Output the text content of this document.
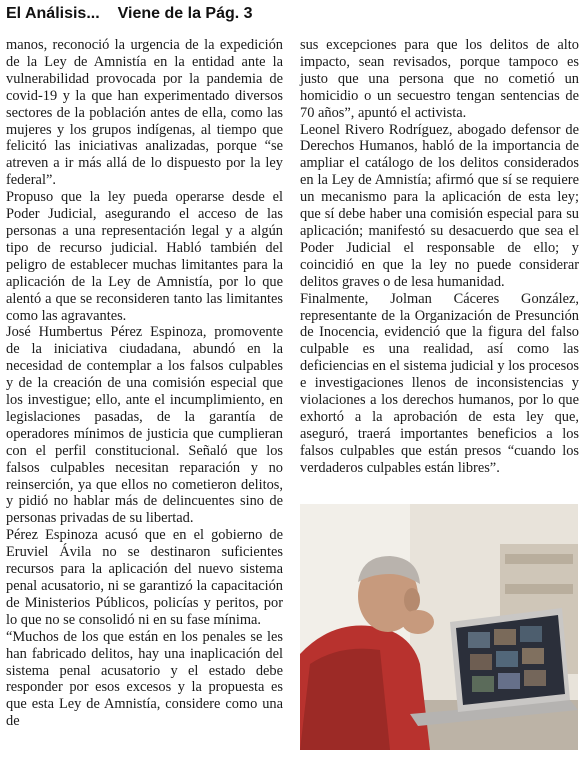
El Análisis... Viene de la Pág. 3

manos, reconoció la urgencia de la expedición de la Ley de Amnistía en la entidad ante la vulnerabilidad provocada por la pandemia de covid-19 y la que han experimentado diversos sectores de la población antes de ella, como las mujeres y los grupos indígenas, al tiempo que felicitó las iniciativas analizadas, porque “se atreven a ir más allá de lo dispuesto por la ley federal”.

Propuso que la ley pueda operarse desde el Poder Judicial, asegurando el acceso de las personas a una representación legal y a algún tipo de recurso judicial. Habló también del peligro de establecer muchas limitantes para la aplicación de la Ley de Amnistía, por lo que alentó a que se reconsideren tanto las limitantes como las agravantes.

José Humbertus Pérez Espinoza, promovente de la iniciativa ciudadana, abundó en la necesidad de contemplar a los falsos culpables y de la creación de una comisión especial que los investigue; ello, ante el incumplimiento, en legislaciones pasadas, de la garantía de operadores mínimos de justicia que cumplieran con el perfil constitucional. Señaló que los falsos culpables necesitan reparación y no reinserción, ya que ellos no cometieron delitos, y pidió no hablar más de delincuentes sino de personas privadas de su libertad.

Pérez Espinoza acusó que en el gobierno de Eruviel Ávila no se destinaron suficientes recursos para la aplicación del nuevo sistema penal acusatorio, ni se garantizó la capacitación de Ministerios Públicos, policías y peritos, por lo que no se consolidó ni en su fase mínima.

“Muchos de los que están en los penales se les han fabricado delitos, hay una inaplicación del sistema penal acusatorio y el estado debe responder por esos excesos y la propuesta es que esta Ley de Amnistía, considere como una de

sus excepciones para que los delitos de alto impacto, sean revisados, porque tampoco es justo que una persona que no cometió un homicidio o un secuestro tengan sentencias de 70 años”, apuntó el activista.

Leonel Rivero Rodríguez, abogado defensor de Derechos Humanos, habló de la importancia de ampliar el catálogo de los delitos considerados en la Ley de Amnistía; afirmó que sí se requiere un mecanismo para la aplicación de esta ley; que sí debe haber una comisión especial para su aplicación; manifestó su desacuerdo que sea el Poder Judicial el responsable de ello; y coincidió en que la ley no puede considerar delitos graves o de lesa humanidad.

Finalmente, Jolman Cáceres González, representante de la Organización de Presunción de Inocencia, evidenció que la figura del falso culpable es una realidad, así como las deficiencias en el sistema judicial y los procesos e investigaciones llenos de inconsistencias y violaciones a los derechos humanos, por lo que exhortó a la aprobación de esta ley que, aseguró, traerá importantes beneficios a los falsos culpables que están presos “cuando los verdaderos culpables están libres”.
